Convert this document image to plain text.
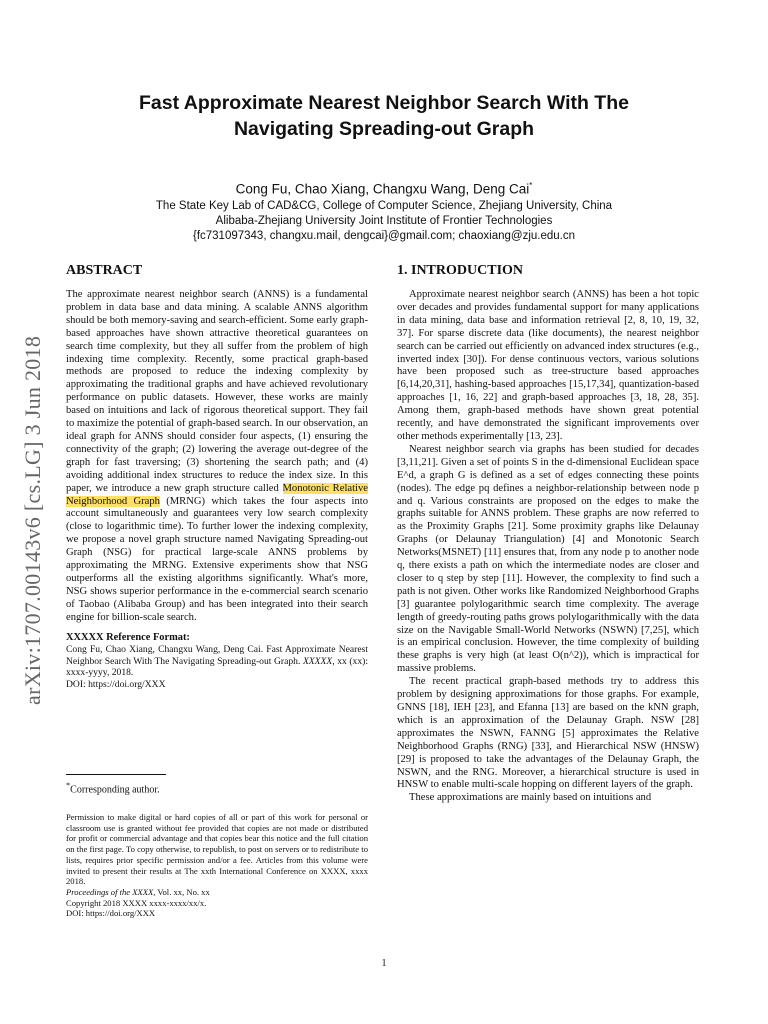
Fast Approximate Nearest Neighbor Search With The
Navigating Spreading-out Graph
Cong Fu, Chao Xiang, Changxu Wang, Deng Cai*
The State Key Lab of CAD&CG, College of Computer Science, Zhejiang University, China
Alibaba-Zhejiang University Joint Institute of Frontier Technologies
{fc731097343, changxu.mail, dengcai}@gmail.com; chaoxiang@zju.edu.cn
arXiv:1707.00143v6 [cs.LG] 3 Jun 2018
ABSTRACT

The approximate nearest neighbor search (ANNS) is a fundamental problem in data base and data mining. A scalable ANNS algorithm should be both memory-saving and search-efficient. Some early graph-based approaches have shown attractive theoretical guarantees on search time complexity, but they all suffer from the problem of high indexing time complexity. Recently, some practical graph-based methods are proposed to reduce the indexing complexity by approximating the traditional graphs and have achieved revolutionary performance on public datasets. However, these works are mainly based on intuitions and lack of rigorous theoretical support. They fail to maximize the potential of graph-based search. In our observation, an ideal graph for ANNS should consider four aspects, (1) ensuring the connectivity of the graph; (2) lowering the average out-degree of the graph for fast traversing; (3) shortening the search path; and (4) avoiding additional index structures to reduce the index size. In this paper, we introduce a new graph structure called Monotonic Relative Neighborhood Graph (MRNG) which takes the four aspects into account simultaneously and guarantees very low search complexity (close to logarithmic time). To further lower the indexing complexity, we propose a novel graph structure named Navigating Spreading-out Graph (NSG) for practical large-scale ANNS problems by approximating the MRNG. Extensive experiments show that NSG outperforms all the existing algorithms significantly. What's more, NSG shows superior performance in the e-commercial search scenario of Taobao (Alibaba Group) and has been integrated into their search engine for billion-scale search.

XXXXX Reference Format:

Cong Fu, Chao Xiang, Changxu Wang, Deng Cai. Fast Approximate Nearest Neighbor Search With The Navigating Spreading-out Graph. XXXXX, xx (xx): xxxx-yyyy, 2018.
DOI: https://doi.org/XXX

*Corresponding author.

Permission to make digital or hard copies of all or part of this work for personal or classroom use is granted without fee provided that copies are not made or distributed for profit or commercial advantage and that copies bear this notice and the full citation on the first page. To copy otherwise, to republish, to post on servers or to redistribute to lists, requires prior specific permission and/or a fee. Articles from this volume were invited to present their results at The xxth International Conference on XXXX, xxxx 2018.

Proceedings of the XXXX, Vol. xx, No. xx
Copyright 2018 XXXX xxxx-xxxx/xx/x.
DOI: https://doi.org/XXX
1. INTRODUCTION

Approximate nearest neighbor search (ANNS) has been a hot topic over decades and provides fundamental support for many applications in data mining, data base and information retrieval [2, 8, 10, 19, 32, 37]. For sparse discrete data (like documents), the nearest neighbor search can be carried out efficiently on advanced index structures (e.g., inverted index [30]). For dense continuous vectors, various solutions have been proposed such as tree-structure based approaches [6,14,20,31], hashing-based approaches [15,17,34], quantization-based approaches [1, 16, 22] and graph-based approaches [3, 18, 28, 35]. Among them, graph-based methods have shown great potential recently, and have demonstrated the significant improvements over other methods experimentally [13, 23].

Nearest neighbor search via graphs has been studied for decades [3,11,21]. Given a set of points S in the d-dimensional Euclidean space E^d, a graph G is defined as a set of edges connecting these points (nodes). The edge pq defines a neighbor-relationship between node p and q. Various constraints are proposed on the edges to make the graphs suitable for ANNS problem. These graphs are now referred to as the Proximity Graphs [21]. Some proximity graphs like Delaunay Graphs (or Delaunay Triangulation) [4] and Monotonic Search Networks(MSNET) [11] ensures that, from any node p to another node q, there exists a path on which the intermediate nodes are closer and closer to q step by step [11]. However, the complexity to find such a path is not given. Other works like Randomized Neighborhood Graphs [3] guarantee polylogarithmic search time complexity. The average length of greedy-routing paths grows polylogarithmically with the data size on the Navigable Small-World Networks (NSWN) [7,25], which is an empirical conclusion. However, the time complexity of building these graphs is very high (at least O(n^2)), which is impractical for massive problems.

The recent practical graph-based methods try to address this problem by designing approximations for those graphs. For example, GNNS [18], IEH [23], and Efanna [13] are based on the kNN graph, which is an approximation of the Delaunay Graph. NSW [28] approximates the NSWN, FANNG [5] approximates the Relative Neighborhood Graphs (RNG) [33], and Hierarchical NSW (HNSW) [29] is proposed to take the advantages of the Delaunay Graph, the NSWN, and the RNG. Moreover, a hierarchical structure is used in HNSW to enable multi-scale hopping on different layers of the graph.

These approximations are mainly based on intuitions and

1
